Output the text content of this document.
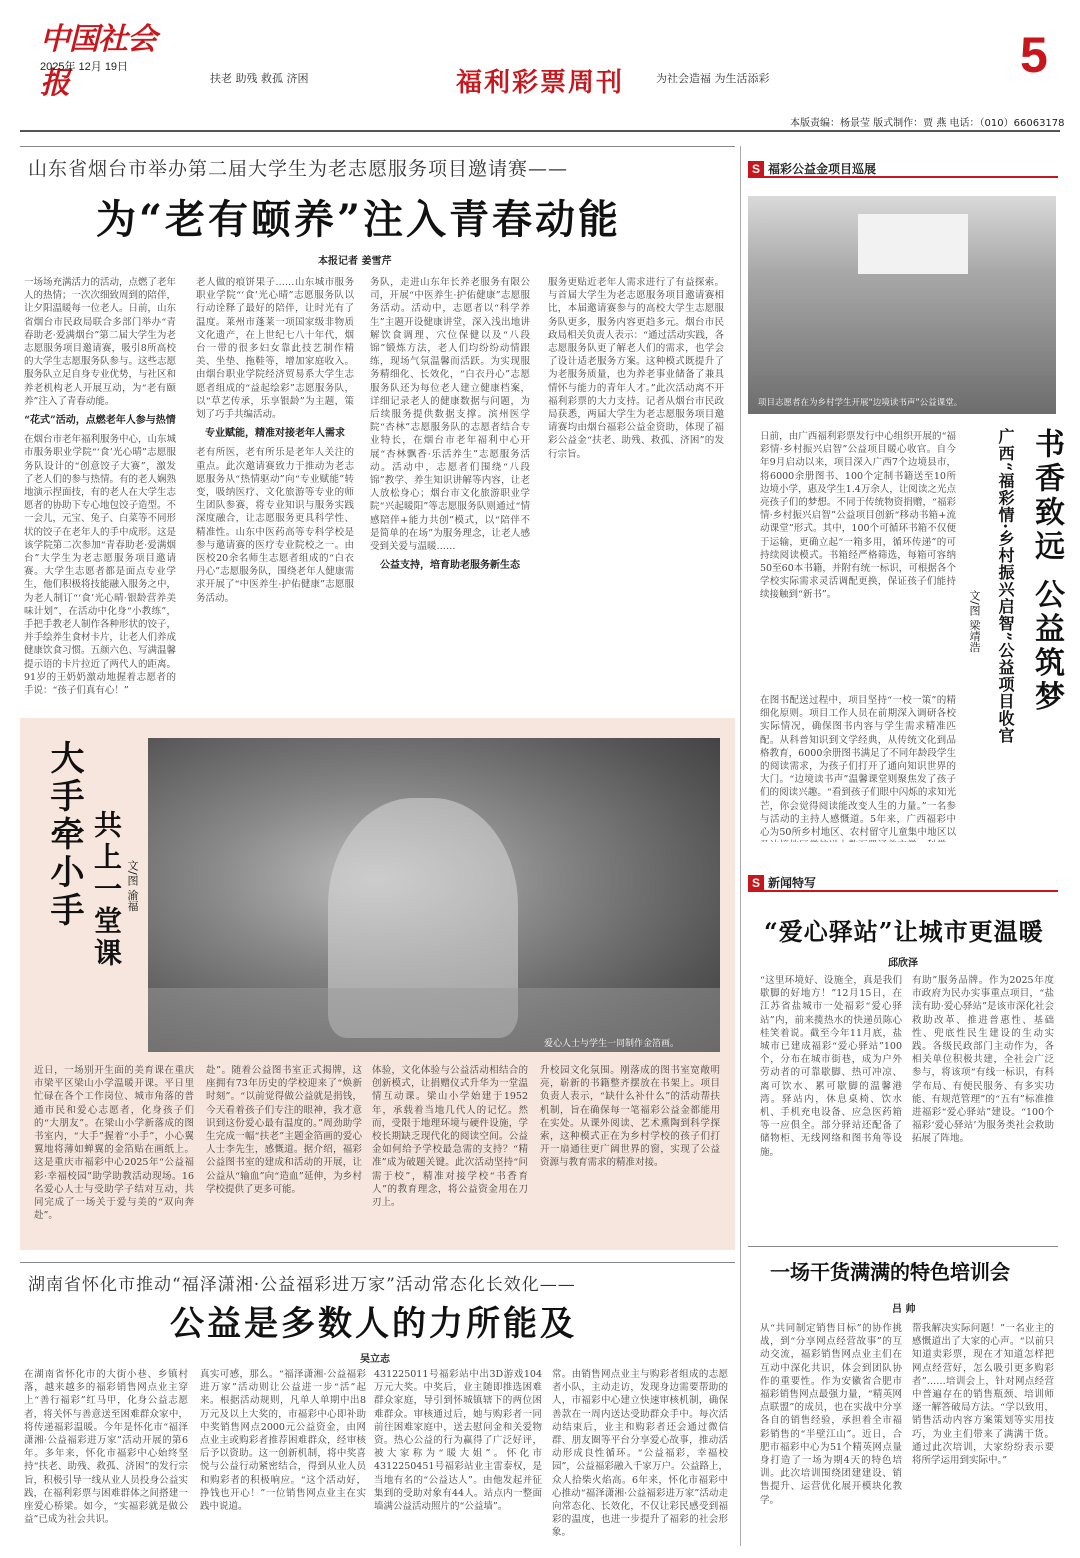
中国社会报
2025年 12月 19日
扶老 助残 救孤 济困	福利彩票周刊	为社会造福 为生活添彩	5
本版责编：杨景莹 版式制作：贾 燕 电话：（010）66063178
山东省烟台市举办第二届大学生为老志愿服务项目邀请赛——
为“老有颐养”注入青春动能
本报记者 姜雪芹
一场场充满活力的活动，点燃了老年人的热情；一次次细致周到的陪伴，让夕阳温暖每一位老人。日前，山东省烟台市民政局联合多部门举办“青春助老·爱满烟台”第二届大学生为老志愿服务项目邀请赛，吸引8所高校的大学生志愿服务队参与。这些志愿服务队立足自身专业优势，与社区和养老机构老人开展互动，为“老有颐养”注入了青春动能。
“花式”活动，点燃老年人参与热情
在烟台市老年福利服务中心，山东城市服务职业学院“‘食’光心晴”志愿服务队设计的“创意饺子大赛”，激发了老人们的参与热情。有的老人娴熟地演示捏面技，有的老人在大学生志愿者的协助下专心地包饺子造型。不一会儿，元宝、兔子、白菜等不同形状的饺子在老年人的手中成形。这是该学院第二次参加“青春助老·爱满烟台”大学生为老志愿服务项目邀请赛。大学生志愿者都是面点专业学生，他们积极将技能融入服务之中，为老人制订“‘食’光心晴·银龄营养美味计划”，在活动中化身“小教练”，手把手教老人制作各种形状的饺子，并手绘养生食材卡片，让老人们养成健康饮食习惯。五颜六色、写满温馨提示语的卡片拉近了两代人的距离。91岁的王奶奶激动地握着志愿者的手说：“孩子们真有心！”
老人做的痕饼果子……山东城市服务职业学院“‘食’光心晴”志愿服务队以行动诠释了最好的陪伴，让时光有了温度。莱州市蓬莱一项国家级非物质文化遗产，在上世纪七八十年代，烟台一带的很多妇女靠此技艺制作精美、坐垫、拖鞋等，增加家庭收入。由烟台职业学院经济贸易系大学生志愿者组成的“益起绘彩”志愿服务队，以“草艺传承，乐享银龄”为主题，策划了巧手共编活动。
专业赋能，精准对接老年人需求
老有所医，老有所乐是老年人关注的重点。此次邀请赛致力于推动为老志愿服务从“热情驱动”向“专业赋能”转变，吸纳医疗、文化旅游等专业的师生团队参赛，将专业知识与服务实践深度融合，让志愿服务更具科学性、精准性。山东中医药高等专科学校是参与邀请赛的医疗专业院校之一。由医校20余名师生志愿者组成的“白衣丹心”志愿服务队，围绕老年人健康需求开展了“中医养生·护佑健康”志愿服务活动。
务队，走进山东年长养老服务有限公司，开展“中医养生·护佑健康”志愿服务活动。活动中，志愿者以“科学养生”主题开设健康讲堂，深入浅出地讲解饮食调理、穴位保健以及“八段锦”锻炼方法，老人们均纷纷动情跟练，现场气氛温馨而活跃。为实现服务精细化、长效化，“白衣丹心”志愿服务队还为每位老人建立健康档案，详细记录老人的健康数据与问题，为后续服务提供数据支撑。滨州医学院“杏林”志愿服务队的志愿者结合专业特长，在烟台市老年福利中心开展“杏林飘香·乐活养生”志愿服务活动。活动中，志愿者们围绕“八段锦”教学、养生知识讲解等内容，让老人放松身心；烟台市文化旅游职业学院“兴起暖阳”等志愿服务队则通过“情感陪伴+能力共创”模式，以“陪伴不是简单的在场”为服务理念，让老人感受到关爱与温暖……
公益支持，培育助老服务新生态
服务更贴近老年人需求进行了有益探索。与首届大学生为老志愿服务项目邀请赛相比，本届邀请赛参与的高校大学生志愿服务队更多，服务内容更趋多元。烟台市民政局相关负责人表示：“通过活动实践，各志愿服务队更了解老人们的需求，也学会了设计适老服务方案。这种模式既提升了为老服务质量，也为养老事业储备了兼具情怀与能力的青年人才。”此次活动离不开福利彩票的大力支持。记者从烟台市民政局获悉，两届大学生为老志愿服务项目邀请赛均由烟台福彩公益金资助，体现了福彩公益金“扶老、助残、救孤、济困”的发行宗旨。
大手牵小手 共上一堂课 文/图 渝福
爱心人士与学生一同制作金箔画。
近日，一场别开生面的美育课在重庆市梁平区梁山小学温暖开课。平日里忙碌在各个工作岗位、城市角落的普通市民和爱心志愿者，化身孩子们的“大朋友”。在梁山小学新落成的图书室内，“大手”握着“小手”，小心翼翼地将薄如蝉翼的金箔贴在画纸上。这是重庆市福彩中心2025年“公益福彩·幸福校园”助学助教活动现场。16名爱心人士与受助学子结对互动，共同完成了一场关于爱与美的“双向奔赴”。
赴”。随着公益图书室正式揭牌，这座拥有73年历史的学校迎来了“焕新时刻”。“以前觉得做公益就是捐钱，今天看着孩子们专注的眼神，我才意识到这份爱心最有温度的。”周劲助学生完成一幅“扶老”主题金箔画的爱心人士李先生，感慨道。据介绍，福彩公益图书室的建成和活动的开展，让公益从“输血”向“造血”延伸，为乡村学校提供了更多可能。
体验，文化体验与公益活动相结合的创新模式，让捐赠仪式升华为一堂温情互动课。梁山小学始建于1952年，承载着当地几代人的记忆。然而，受限于地理环境与硬件设施，学校长期缺乏现代化的阅读空间。公益金如何给予学校最急需的支持？“精准”成为破题关键。此次活动坚持“问需于校”，精准对接学校“书香育人”的教育理念，将公益资金用在刀刃上。
升校园文化氛围。刚落成的图书室宽敞明亮，崭新的书籍整齐摆放在书架上。项目负责人表示，“缺什么补什么”的活动帮扶机制，旨在确保每一笔福彩公益金都能用在实处。从课外阅读、艺术熏陶到科学探索，这种模式正在为乡村学校的孩子们打开一扇通往更广阔世界的窗，实现了公益资源与教育需求的精准对接。
湖南省怀化市推动“福泽潇湘·公益福彩进万家”活动常态化长效化——
公益是多数人的力所能及
吴立志
在湖南省怀化市的大街小巷、乡镇村落，越来越多的福彩销售网点业主穿上“善行福彩”红马甲，化身公益志愿者，将关怀与善意送至困难群众家中，将传递福彩温暖。今年是怀化市“福泽潇湘·公益福彩进万家”活动开展的第6年。多年来，怀化市福彩中心始终坚持“扶老、助残、救孤、济困”的发行宗旨，积极引导一线从业人员投身公益实践，在福利彩票与困难群体之间搭建一座爱心桥梁。如今，“实福彩就是做公益”已成为社会共识。
真实可感，那么。“福泽潇湘·公益福彩进万家”活动则让公益进一步“活”起来。根据活动规则，凡单人单期中出8万元及以上大奖的，市福彩中心即补助中奖销售网点2000元公益资金，由网点业主或购彩者推荐困难群众，经审核后予以资助。这一创新机制，将中奖喜悦与公益行动紧密结合，得到从业人员和购彩者的积极响应。“这个活动好，挣钱也开心！”一位销售网点业主在实践中说道。
431225011号福彩站中出3D游戏104万元大奖。中奖后，业主随即推选困难群众家庭，导引到怀城镇辖下的两位困难群众。审核通过后，她与购彩者一同前往困难家庭中，送去慰问金和关爱物资。热心公益的行为赢得了广泛好评，被大家称为“暖大姐”。怀化市4312250451号福彩站业主雷泰权，是当地有名的“公益达人”。由他发起并征集到的受助对象有44人。站点内一整面墙满公益活动照片的“公益墙”。
常。由销售网点业主与购彩者组成的志愿者小队，主动走访，发现身边需要帮助的人，市福彩中心建立快速审核机制，确保善款在一周内送达受助群众手中。每次活动结束后，业主和购彩者还会通过微信群、朋友圈等平台分享爱心故事，推动活动形成良性循环。“公益福彩，幸福校园”，公益福彩融入千家万户。公益路上，众人拾柴火焰高。6年来，怀化市福彩中心推动“福泽潇湘·公益福彩进万家”活动走向常态化、长效化，不仅让彩民感受到福彩的温度，也进一步提升了福彩的社会形象。
S 福彩公益金项目巡展
项目志愿者在为乡村学生开展“边境读书声”公益课堂。
日前，由广西福利彩票发行中心组织开展的“福彩情·乡村振兴启智”公益项目暖心收官。自今年9月启动以来，项目深入广西7个边境县市，将6000余册图书、100个定制书籍送至10所边境小学，惠及学生1.4万余人，让阅读之光点亮孩子们的梦想。不同于传统物资捐赠，“福彩情·乡村振兴启智”公益项目创新“移动书箱+流动课堂”形式。其中，100个可循环书箱不仅便于运输，更确立起“一箱多用，循环传递”的可持续阅读模式。书箱经严格筛选，每箱可容纳50至60本书籍，并附有统一标识，可根据各个学校实际需求灵活调配更换，保证孩子们能持续接触到“新书”。	书香致远 公益筑梦
广西“福彩情·乡村振兴启智”公益项目收官
文/图 梁靖浩
在图书配送过程中，项目坚持“一校一策”的精细化原则。项目工作人员在前期深入调研各校实际情况，确保图书内容与学生需求精准匹配。从科普知识到文学经典，从传统文化到品格教育，6000余册图书满足了不同年龄段学生的阅读需求，为孩子们打开了通向知识世界的大门。“边境读书声”温馨课堂则聚焦发了孩子们的阅读兴趣。“看到孩子们眼中闪烁的求知光芒，你会觉得阅读能改变人生的力量。”一名参与活动的主持人感慨道。5年来，广西福彩中心为50所乡村地区、农村留守儿童集中地区以
S 新闻特写
“爱心驿站”让城市更温暖
邱欣泽
“这里环境好、设施全，真是我们歇脚的好地方！”12月15日，在江苏省盐城市一处福彩“爱心驿站”内，前来揽热水的快递员陈心桂笑着说。截至今年11月底，盐城市已建成福彩“爱心驿站”100个，分布在城市街巷，成为户外劳动者的可靠歇脚、热可冲凉、离可饮水、累可歇脚的温馨港湾。驿站内，休息桌椅、饮水机、手机充电设备、应急医药箱等一应俱全。部分驿站还配备了储物柜、无线网络和图书角等设施。
有助”服务品牌。作为2025年度市政府为民办实事重点项目，“盐渎有助·爱心驿站”是该市深化社会救助改革、推进普惠性、基础性、兜底性民生建设的生动实践。各级民政部门主动作为，各相关单位积极共建，全社会广泛参与，将该项“有线一标识，有科学布局、有便民服务、有多实功能、有规范管理”的“五有”标准推进福彩“爱心驿站”建设。“100个福彩‘爱心驿站’为服务类社会救助拓展了阵地。
一场干货满满的特色培训会
吕 帅
从“共同制定销售目标”的协作挑战，到“分享网点经营故事”的互动交流，福彩销售网点业主们在互动中深化共识，体会到团队协作的重要性。作为安徽省合肥市福彩销售网点最强力量，“精英网点联盟”的成员，也在实战中分享各自的销售经验，承担着全市福彩销售的“半壁江山”。近日，合肥市福彩中心为51个精英网点量身打造了一场为期4天的特色培训。此次培训围绕团建建设、销售提升、运营优化展开模块化教学。
帮我解决实际问题！”一名业主的感慨道出了大家的心声。“以前只知道卖彩票，现在才知道怎样把网点经营好，怎么吸引更多购彩者”……培训会上，针对网点经营中普遍存在的销售瓶颈、培训师逐一解答破局方法。“学以致用，销售活动内容方案策划等实用技巧，为业主们带来了满满干货。通过此次培训，大家纷纷表示要将所学运用到实际中。”
